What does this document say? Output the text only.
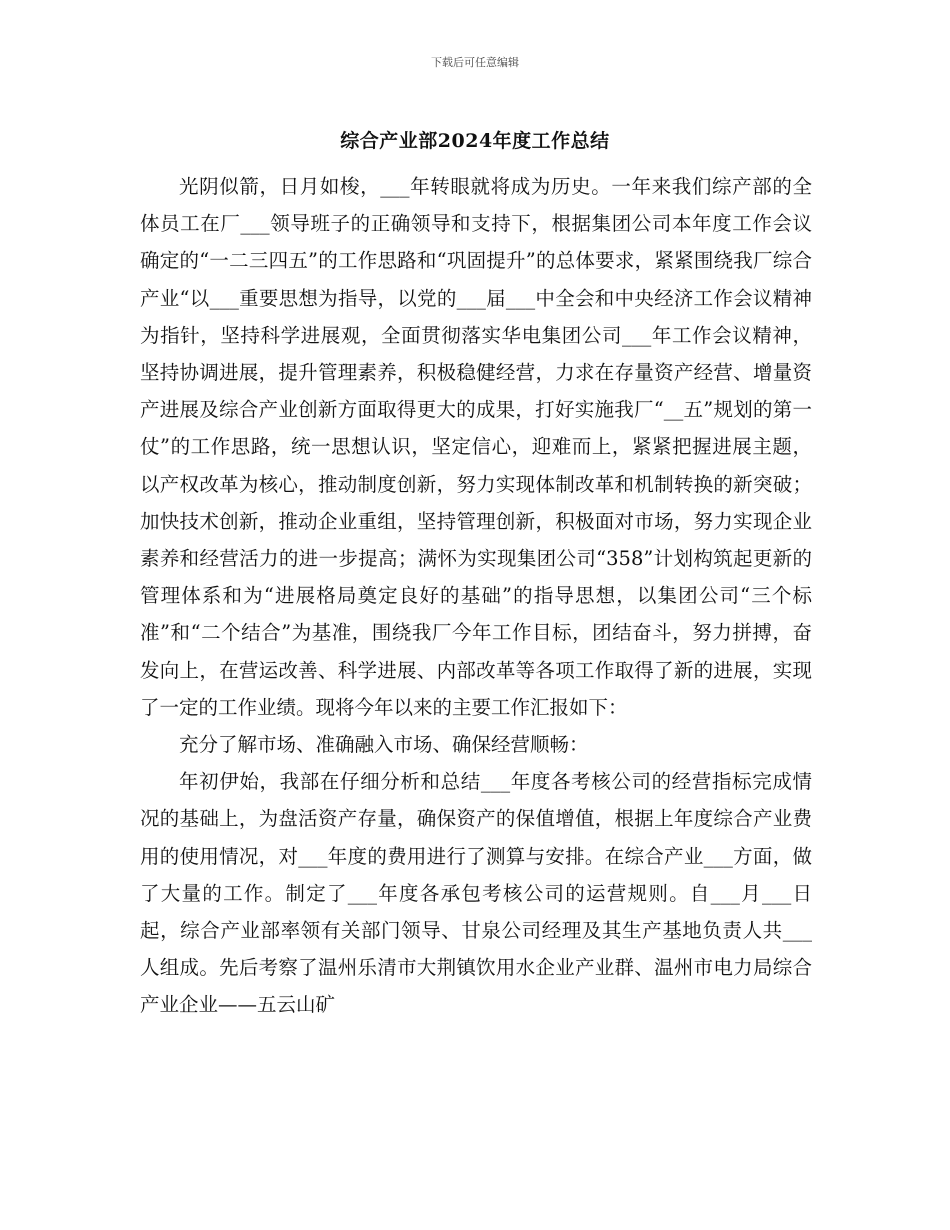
下载后可任意编辑
综合产业部2024年度工作总结

光阴似箭，日月如梭，___年转眼就将成为历史。一年来我们综产部的全体员工在厂___领导班子的正确领导和支持下，根据集团公司本年度工作会议确定的“一二三四五”的工作思路和“巩固提升”的总体要求，紧紧围绕我厂综合产业“以___重要思想为指导，以党的___届___中全会和中央经济工作会议精神为指针，坚持科学进展观，全面贯彻落实华电集团公司___年工作会议精神，坚持协调进展，提升管理素养，积极稳健经营，力求在存量资产经营、增量资产进展及综合产业创新方面取得更大的成果，打好实施我厂“__五”规划的第一仗”的工作思路，统一思想认识，坚定信心，迎难而上，紧紧把握进展主题，以产权改革为核心，推动制度创新，努力实现体制改革和机制转换的新突破；加快技术创新，推动企业重组，坚持管理创新，积极面对市场，努力实现企业素养和经营活力的进一步提高；满怀为实现集团公司“358”计划构筑起更新的管理体系和为“进展格局奠定良好的基础”的指导思想，以集团公司“三个标准”和“二个结合”为基准，围绕我厂今年工作目标，团结奋斗，努力拼搏，奋发向上，在营运改善、科学进展、内部改革等各项工作取得了新的进展，实现了一定的工作业绩。现将今年以来的主要工作汇报如下：

充分了解市场、准确融入市场、确保经营顺畅：

年初伊始，我部在仔细分析和总结___年度各考核公司的经营指标完成情况的基础上，为盘活资产存量，确保资产的保值增值，根据上年度综合产业费用的使用情况，对___年度的费用进行了测算与安排。在综合产业___方面，做了大量的工作。制定了___年度各承包考核公司的运营规则。自___月___日起，综合产业部率领有关部门领导、甘泉公司经理及其生产基地负责人共___人组成。先后考察了温州乐清市大荆镇饮用水企业产业群、温州市电力局综合产业企业——五云山矿
